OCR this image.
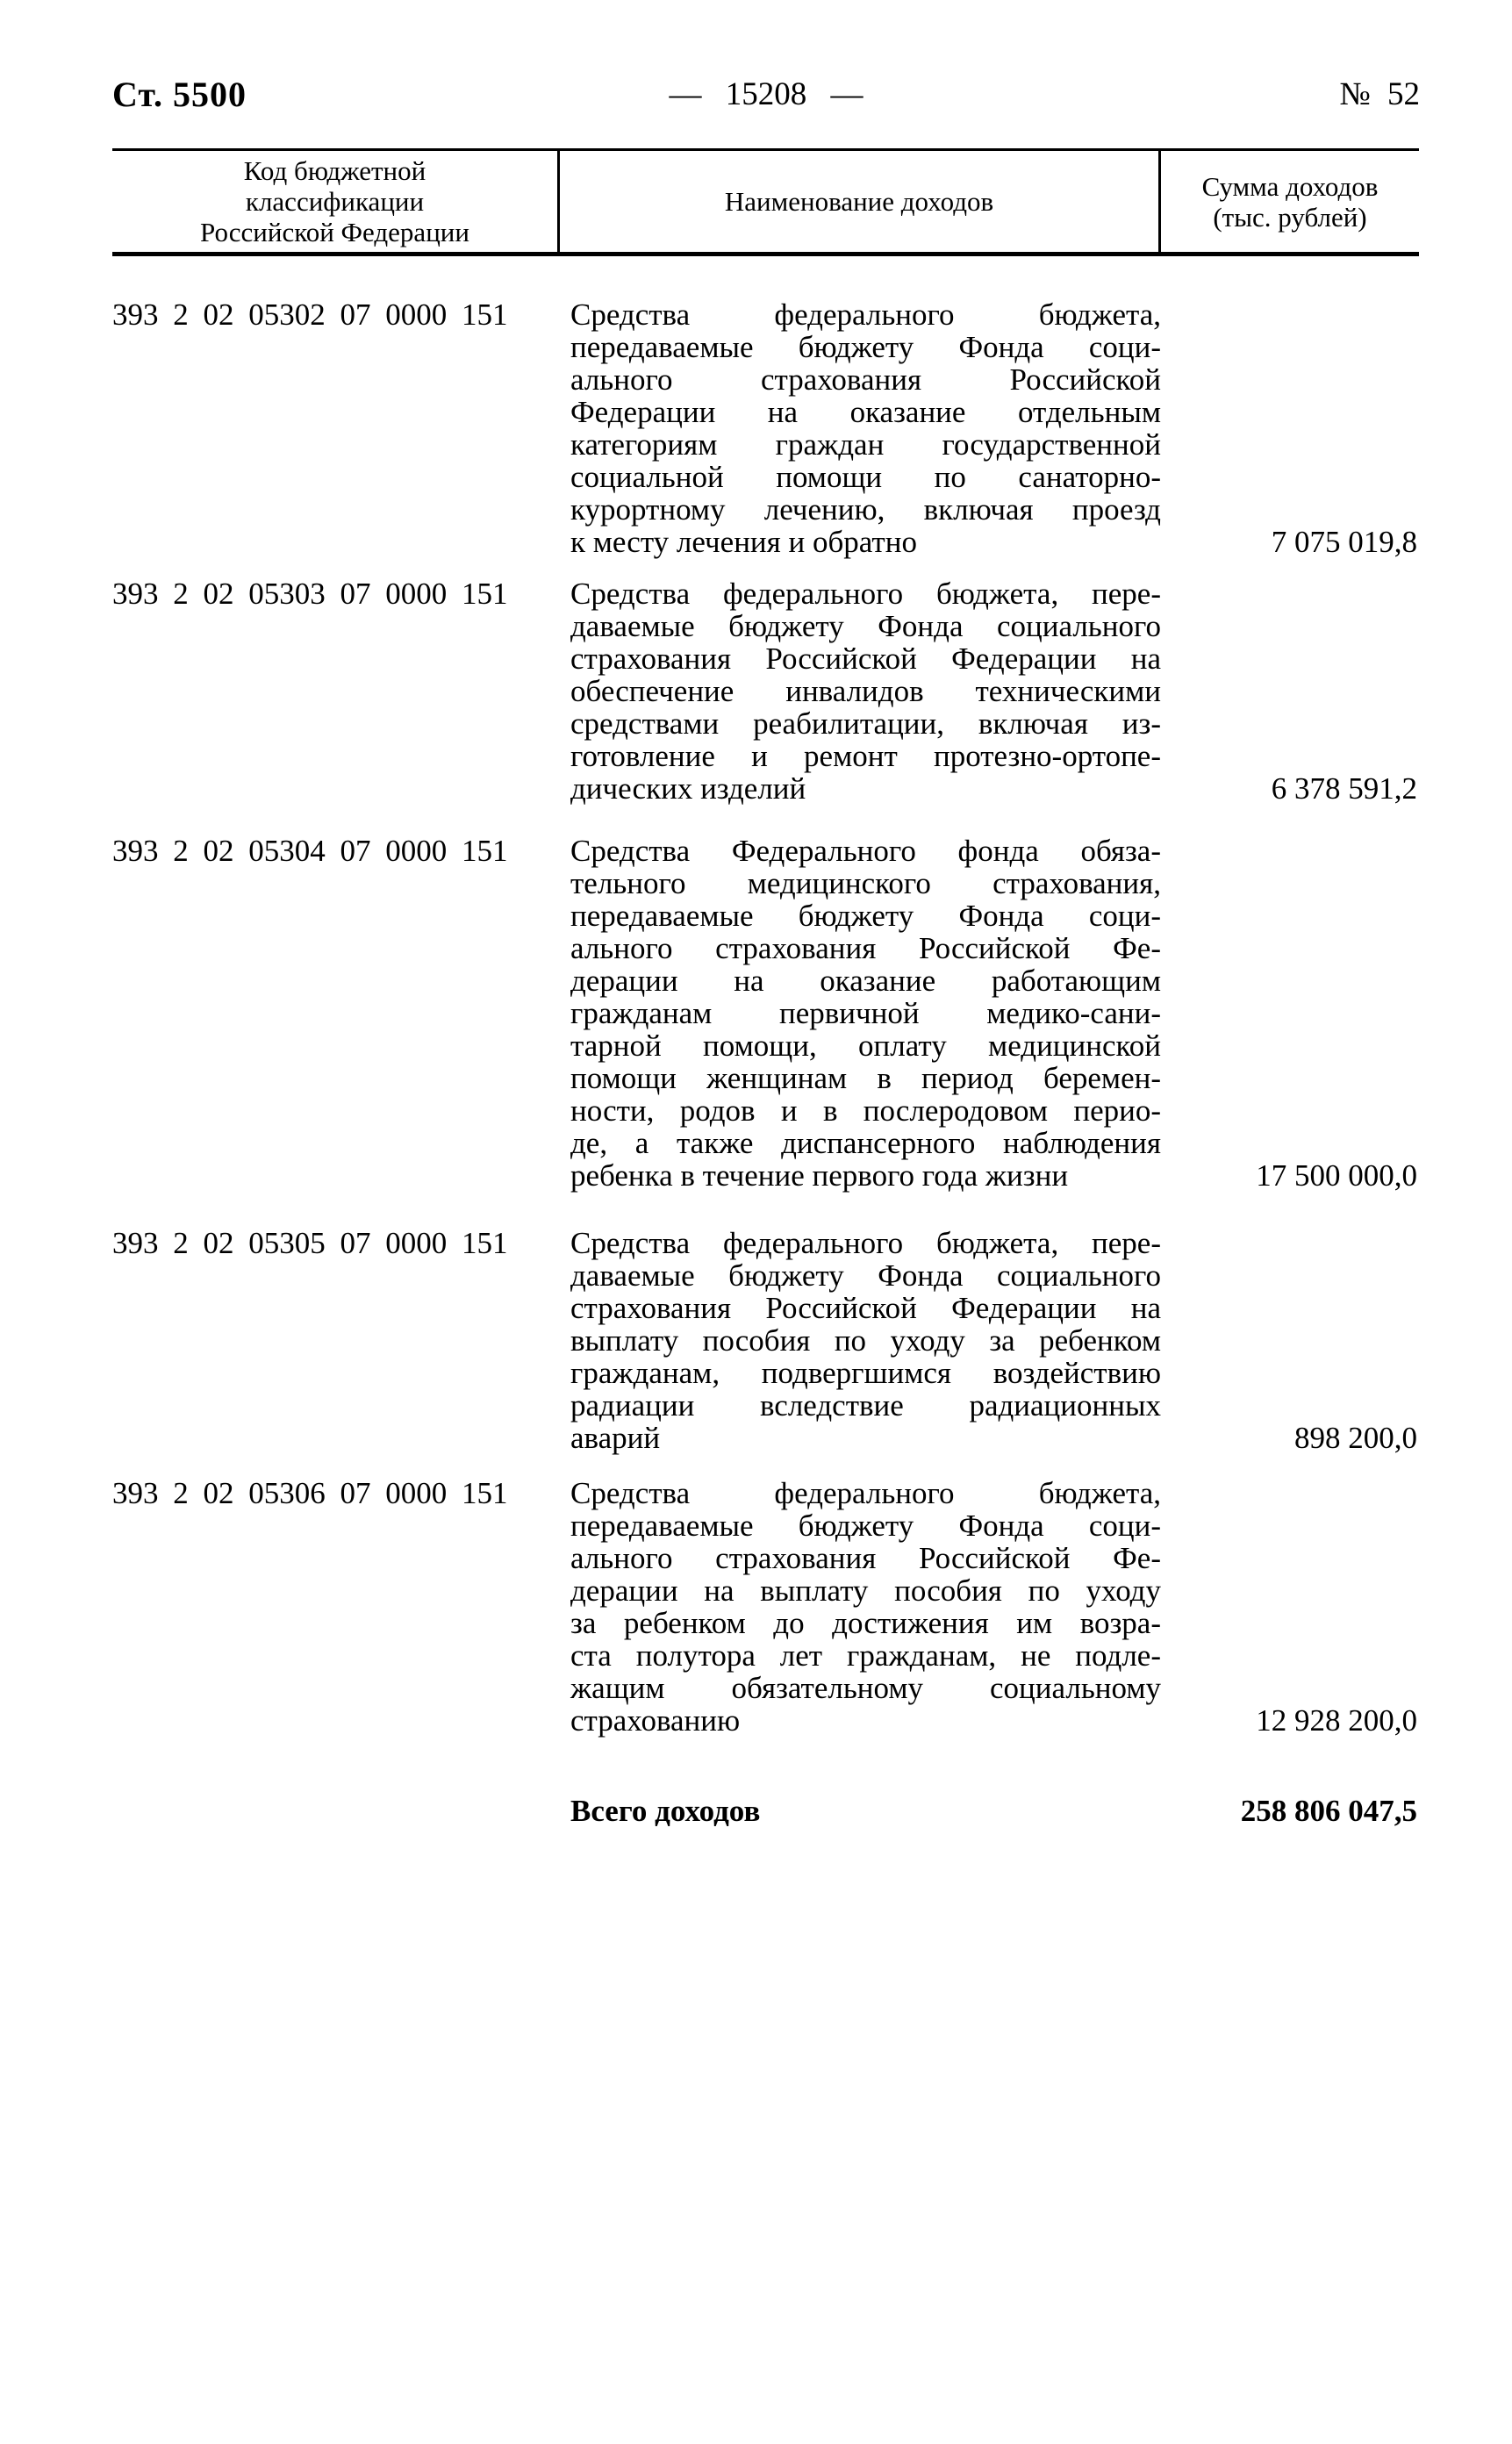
Ст. 5500	— 15208 —	№ 52
Код бюджетной
классификации
Российской Федерации
Наименование доходов	Сумма доходов
(тыс. рублей)
393 2 02 05302 07 0000 151	Средства федерального бюджета,
передаваемые бюджету Фонда соци-
ального страхования Российской
Федерации на оказание отдельным
категориям граждан государственной
социальной помощи по санаторно-
курортному лечению, включая проезд
к месту лечения и обратно	7 075 019,8
393 2 02 05303 07 0000 151	Средства федерального бюджета, пере-
даваемые бюджету Фонда социального
страхования Российской Федерации на
обеспечение инвалидов техническими
средствами реабилитации, включая из-
готовление и ремонт протезно-ортопе-
дических изделий	6 378 591,2
393 2 02 05304 07 0000 151	Средства Федерального фонда обяза-
тельного медицинского страхования,
передаваемые бюджету Фонда соци-
ального страхования Российской Фе-
дерации на оказание работающим
гражданам первичной медико-сани-
тарной помощи, оплату медицинской
помощи женщинам в период беремен-
ности, родов и в послеродовом перио-
де, а также диспансерного наблюдения
ребенка в течение первого года жизни	17 500 000,0
393 2 02 05305 07 0000 151	Средства федерального бюджета, пере-
даваемые бюджету Фонда социального
страхования Российской Федерации на
выплату пособия по уходу за ребенком
гражданам, подвергшимся воздействию
радиации вследствие радиационных
аварий	898 200,0
393 2 02 05306 07 0000 151	Средства федерального бюджета,
передаваемые бюджету Фонда соци-
ального страхования Российской Фе-
дерации на выплату пособия по уходу
за ребенком до достижения им возра-
ста полутора лет гражданам, не подле-
жащим обязательному социальному
страхованию	12 928 200,0
Всего доходов	258 806 047,5
